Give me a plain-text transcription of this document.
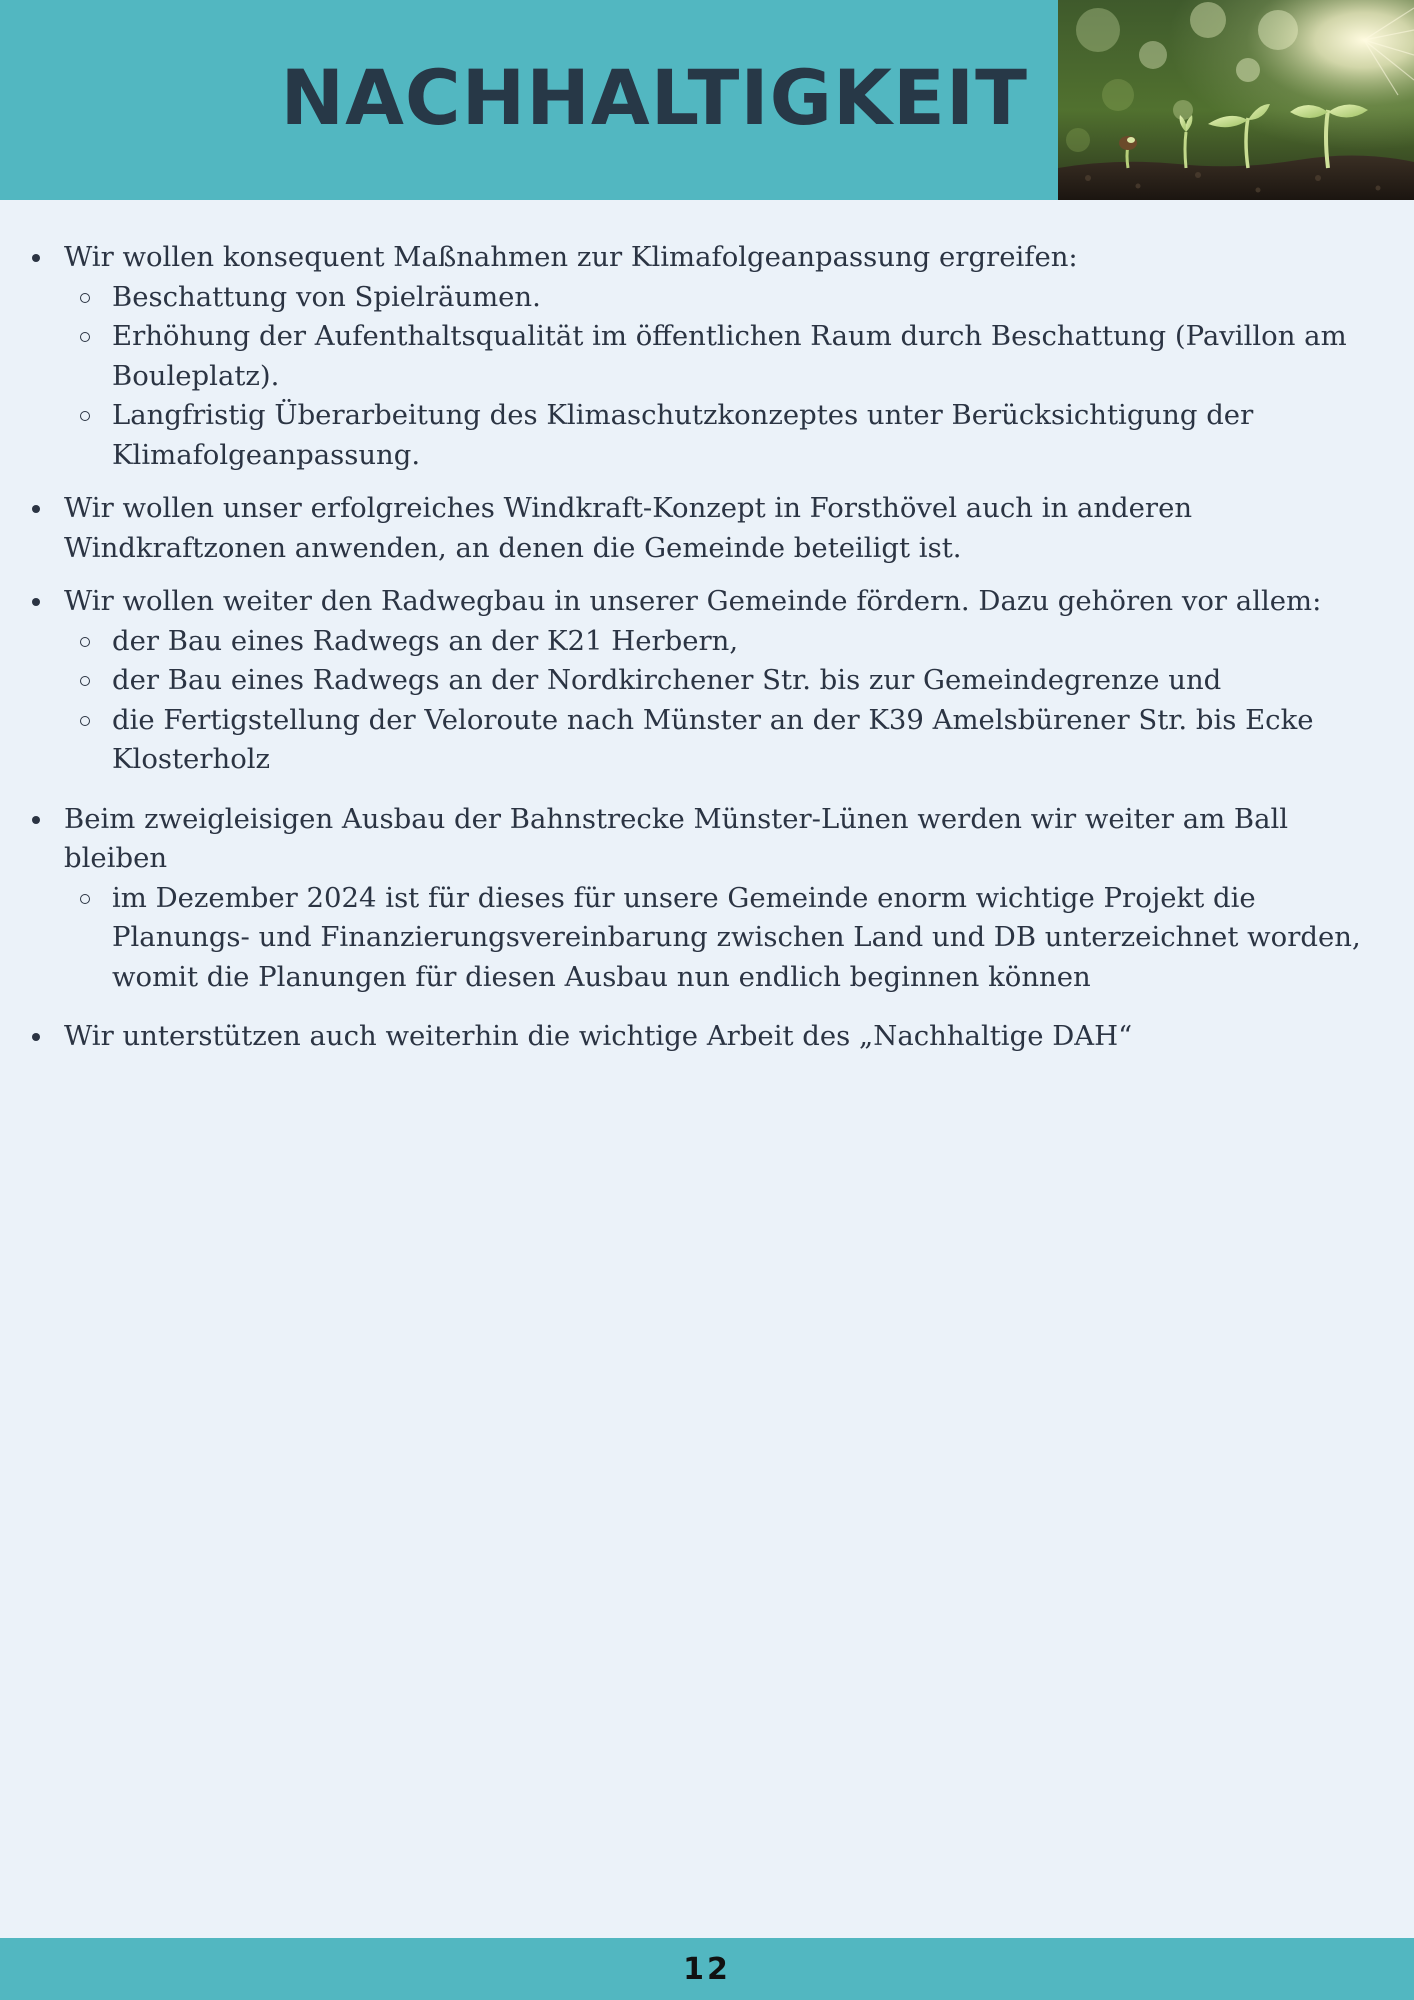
NACHHALTIGKEIT
Wir wollen konsequent Maßnahmen zur Klimafolgeanpassung ergreifen:
Beschattung von Spielräumen.
Erhöhung der Aufenthaltsqualität im öffentlichen Raum durch Beschattung (Pavillon am Bouleplatz).
Langfristig Überarbeitung des Klimaschutzkonzeptes unter Berücksichtigung der Klimafolgeanpassung.
Wir wollen unser erfolgreiches Windkraft-Konzept in Forsthövel auch in anderen Windkraftzonen anwenden, an denen die Gemeinde beteiligt ist.
Wir wollen weiter den Radwegbau in unserer Gemeinde fördern. Dazu gehören vor allem:
der Bau eines Radwegs an der K21 Herbern,
der Bau eines Radwegs an der Nordkirchener Str. bis zur Gemeindegrenze und
die Fertigstellung der Veloroute nach Münster an der K39 Amelsbürener Str. bis Ecke Klosterholz
Beim zweigleisigen Ausbau der Bahnstrecke Münster-Lünen werden wir weiter am Ball bleiben
im Dezember 2024 ist für dieses für unsere Gemeinde enorm wichtige Projekt die Planungs- und Finanzierungsvereinbarung zwischen Land und DB unterzeichnet worden, womit die Planungen für diesen Ausbau nun endlich beginnen können
Wir unterstützen auch weiterhin die wichtige Arbeit des „Nachhaltige DAH“
12
